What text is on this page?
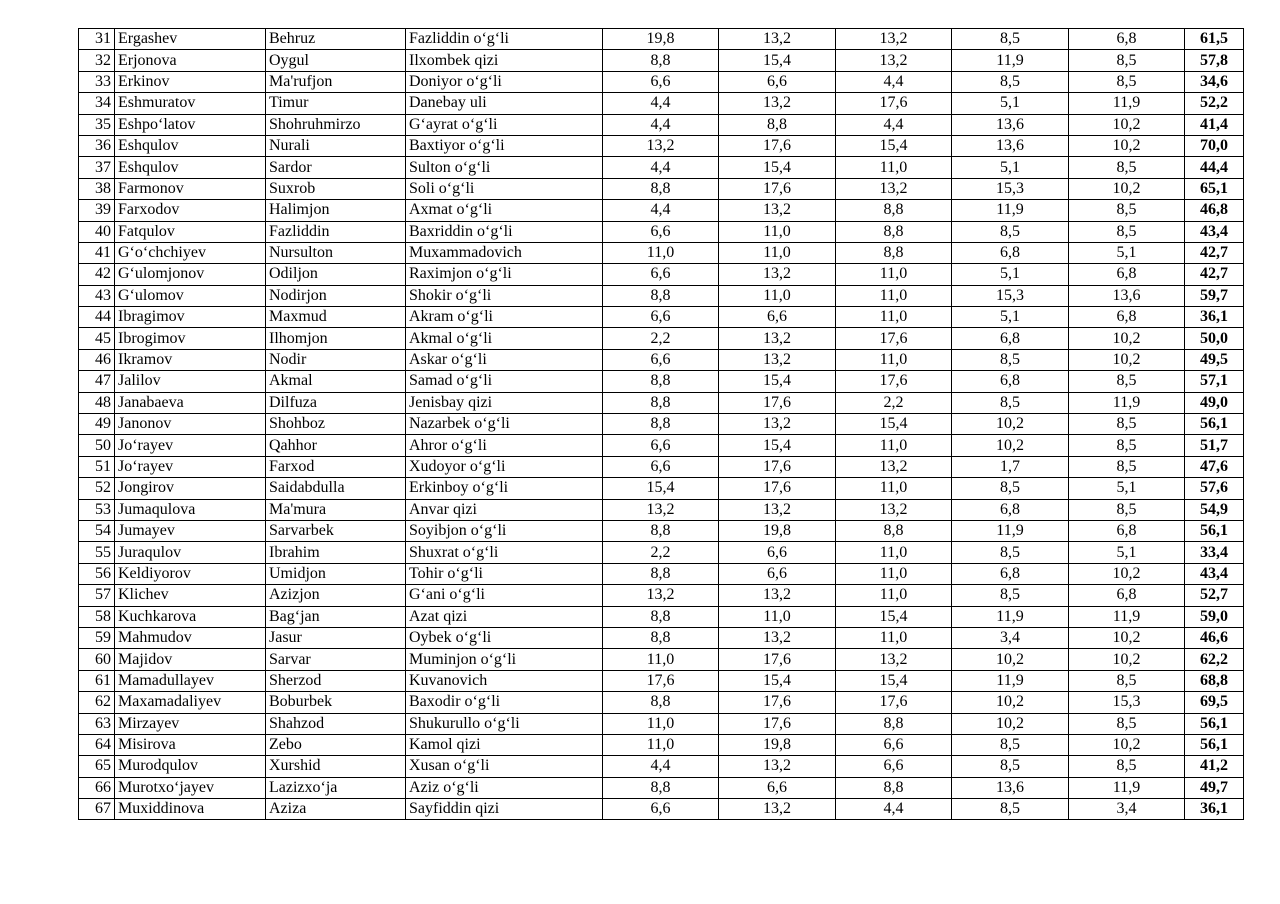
31	Ergashev	Behruz	Fazliddin o‘g‘li	19,8	13,2	13,2	8,5	6,8	61,5
32	Erjonova	Oygul	Ilxombek qizi	8,8	15,4	13,2	11,9	8,5	57,8
33	Erkinov	Ma'rufjon	Doniyor o‘g‘li	6,6	6,6	4,4	8,5	8,5	34,6
34	Eshmuratov	Timur	Danebay uli	4,4	13,2	17,6	5,1	11,9	52,2
35	Eshpo‘latov	Shohruhmirzo	G‘ayrat o‘g‘li	4,4	8,8	4,4	13,6	10,2	41,4
36	Eshqulov	Nurali	Baxtiyor o‘g‘li	13,2	17,6	15,4	13,6	10,2	70,0
37	Eshqulov	Sardor	Sulton o‘g‘li	4,4	15,4	11,0	5,1	8,5	44,4
38	Farmonov	Suxrob	Soli o‘g‘li	8,8	17,6	13,2	15,3	10,2	65,1
39	Farxodov	Halimjon	Axmat o‘g‘li	4,4	13,2	8,8	11,9	8,5	46,8
40	Fatqulov	Fazliddin	Baxriddin o‘g‘li	6,6	11,0	8,8	8,5	8,5	43,4
41	G‘o‘chchiyev	Nursulton	Muxammadovich	11,0	11,0	8,8	6,8	5,1	42,7
42	G‘ulomjonov	Odiljon	Raximjon o‘g‘li	6,6	13,2	11,0	5,1	6,8	42,7
43	G‘ulomov	Nodirjon	Shokir o‘g‘li	8,8	11,0	11,0	15,3	13,6	59,7
44	Ibragimov	Maxmud	Akram o‘g‘li	6,6	6,6	11,0	5,1	6,8	36,1
45	Ibrogimov	Ilhomjon	Akmal o‘g‘li	2,2	13,2	17,6	6,8	10,2	50,0
46	Ikramov	Nodir	Askar o‘g‘li	6,6	13,2	11,0	8,5	10,2	49,5
47	Jalilov	Akmal	Samad o‘g‘li	8,8	15,4	17,6	6,8	8,5	57,1
48	Janabaeva	Dilfuza	Jenisbay qizi	8,8	17,6	2,2	8,5	11,9	49,0
49	Janonov	Shohboz	Nazarbek o‘g‘li	8,8	13,2	15,4	10,2	8,5	56,1
50	Jo‘rayev	Qahhor	Ahror o‘g‘li	6,6	15,4	11,0	10,2	8,5	51,7
51	Jo‘rayev	Farxod	Xudoyor o‘g‘li	6,6	17,6	13,2	1,7	8,5	47,6
52	Jongirov	Saidabdulla	Erkinboy o‘g‘li	15,4	17,6	11,0	8,5	5,1	57,6
53	Jumaqulova	Ma'mura	Anvar qizi	13,2	13,2	13,2	6,8	8,5	54,9
54	Jumayev	Sarvarbek	Soyibjon o‘g‘li	8,8	19,8	8,8	11,9	6,8	56,1
55	Juraqulov	Ibrahim	Shuxrat o‘g‘li	2,2	6,6	11,0	8,5	5,1	33,4
56	Keldiyorov	Umidjon	Tohir o‘g‘li	8,8	6,6	11,0	6,8	10,2	43,4
57	Klichev	Azizjon	G‘ani o‘g‘li	13,2	13,2	11,0	8,5	6,8	52,7
58	Kuchkarova	Bag‘jan	Azat qizi	8,8	11,0	15,4	11,9	11,9	59,0
59	Mahmudov	Jasur	Oybek o‘g‘li	8,8	13,2	11,0	3,4	10,2	46,6
60	Majidov	Sarvar	Muminjon o‘g‘li	11,0	17,6	13,2	10,2	10,2	62,2
61	Mamadullayev	Sherzod	Kuvanovich	17,6	15,4	15,4	11,9	8,5	68,8
62	Maxamadaliyev	Boburbek	Baxodir o‘g‘li	8,8	17,6	17,6	10,2	15,3	69,5
63	Mirzayev	Shahzod	Shukurullo o‘g‘li	11,0	17,6	8,8	10,2	8,5	56,1
64	Misirova	Zebo	Kamol qizi	11,0	19,8	6,6	8,5	10,2	56,1
65	Murodqulov	Xurshid	Xusan o‘g‘li	4,4	13,2	6,6	8,5	8,5	41,2
66	Murotxo‘jayev	Lazizxo‘ja	Aziz o‘g‘li	8,8	6,6	8,8	13,6	11,9	49,7
67	Muxiddinova	Aziza	Sayfiddin qizi	6,6	13,2	4,4	8,5	3,4	36,1
